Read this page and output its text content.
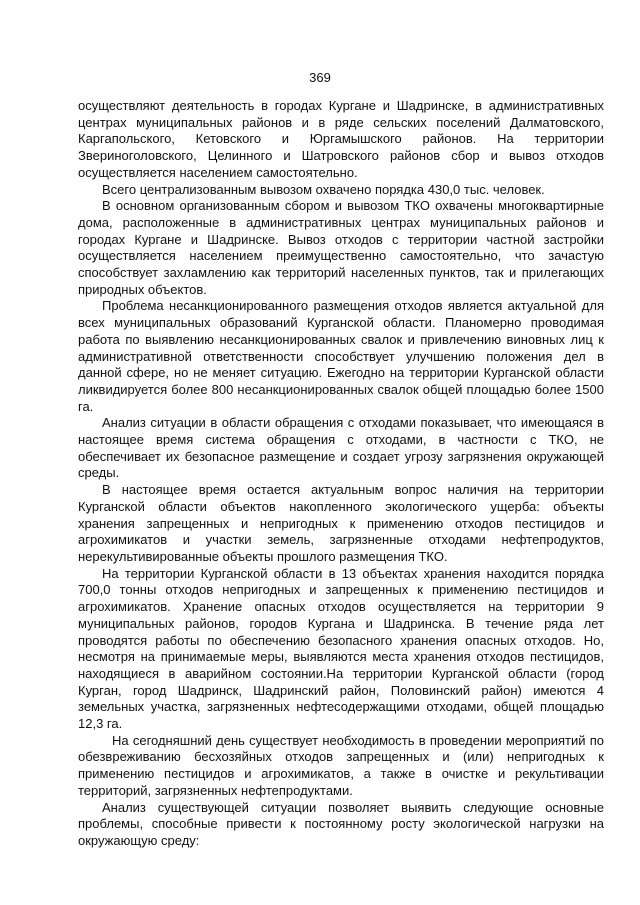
369

осуществляют деятельность в городах Кургане и Шадринске, в административных центрах муниципальных районов и в ряде сельских поселений Далматовского, Каргапольского, Кетовского и Юргамышского районов. На территории Звериноголовского, Целинного и Шатровского районов сбор и вывоз отходов осуществляется населением самостоятельно.

Всего централизованным вывозом охвачено порядка 430,0 тыс. человек.

В основном организованным сбором и вывозом ТКО охвачены многоквартирные дома, расположенные в административных центрах муниципальных районов и городах Кургане и Шадринске. Вывоз отходов с территории частной застройки осуществляется населением преимущественно самостоятельно, что зачастую способствует захламлению как территорий населенных пунктов, так и прилегающих природных объектов.

Проблема несанкционированного размещения отходов является актуальной для всех муниципальных образований Курганской области. Планомерно проводимая работа по выявлению несанкционированных свалок и привлечению виновных лиц к административной ответственности способствует улучшению положения дел в данной сфере, но не меняет ситуацию. Ежегодно на территории Курганской области ликвидируется более 800 несанкционированных свалок общей площадью более 1500 га.

Анализ ситуации в области обращения с отходами показывает, что имеющаяся в настоящее время система обращения с отходами, в частности с ТКО, не обеспечивает их безопасное размещение и создает угрозу загрязнения окружающей среды.

В настоящее время остается актуальным вопрос наличия на территории Курганской области объектов накопленного экологического ущерба: объекты хранения запрещенных и непригодных к применению отходов пестицидов и агрохимикатов и участки земель, загрязненные отходами нефтепродуктов, нерекультивированные объекты прошлого размещения ТКО.

На территории Курганской области в 13 объектах хранения находится порядка 700,0 тонны отходов непригодных и запрещенных к применению пестицидов и агрохимикатов. Хранение опасных отходов осуществляется на территории 9 муниципальных районов, городов Кургана и Шадринска. В течение ряда лет проводятся работы по обеспечению безопасного хранения опасных отходов. Но, несмотря на принимаемые меры, выявляются места хранения отходов пестицидов, находящиеся в аварийном состоянии.На территории Курганской области (город Курган, город Шадринск, Шадринский район, Половинский район) имеются 4 земельных участка, загрязненных нефтесодержащими отходами, общей площадью 12,3 га.

На сегодняшний день существует необходимость в проведении мероприятий по обезвреживанию бесхозяйных отходов запрещенных и (или) непригодных к применению пестицидов и агрохимикатов, а также в очистке и рекультивации территорий, загрязненных нефтепродуктами.

Анализ существующей ситуации позволяет выявить следующие основные проблемы, способные привести к постоянному росту экологической нагрузки на окружающую среду:
